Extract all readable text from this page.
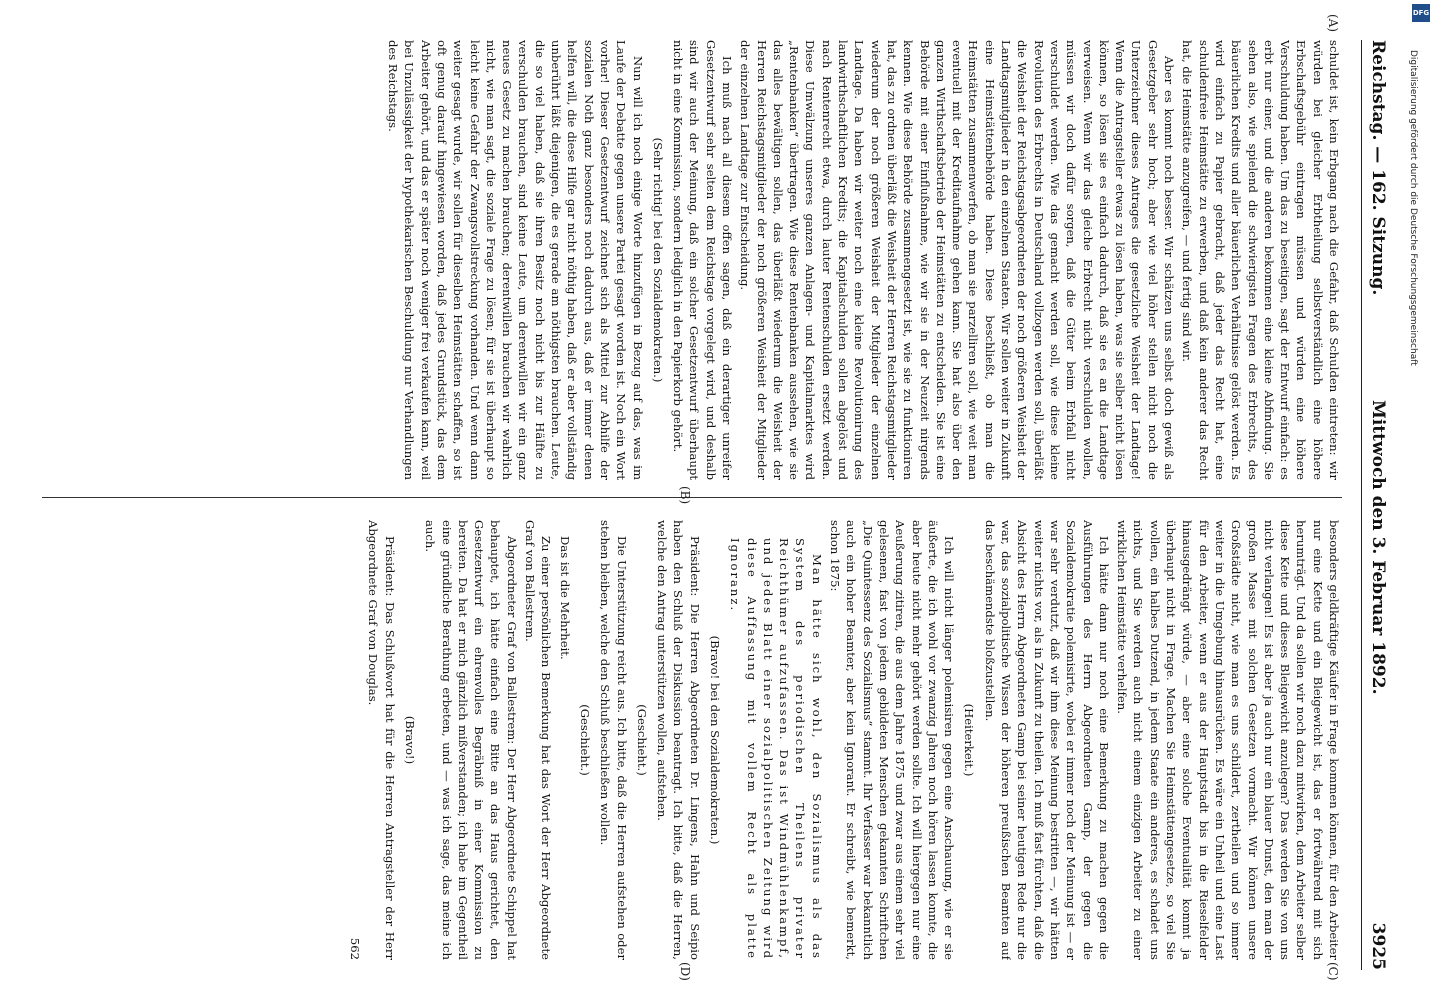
Reichstag. — 162. Sitzung.
Mittwoch den 3. Februar 1892.
3925
(A)
(B)
(C)
(D)

schuldet ist, kein Erbgang nach die Gefahr, daß Schulden eintreten: wir würden bei gleicher Erbtheilung selbstverständlich eine höhere Erbschaftsgebühr eintragen müssen und würden eine höhere Verschuldung haben. Um das zu beseitigen, sagt der Entwurf einfach: es erbt nur einer, und die anderen bekommen eine kleine Abfindung. Sie sehen also, wie spielend die schwierigsten Fragen des Erbrechts, des bäuerlichen Kredits und aller bäuerlichen Verhältnisse gelöst werden. Es wird einfach zu Papier gebracht, daß jeder das Recht hat, eine schuldenfreie Heimstätte zu erwerben, und daß kein anderer das Recht hat, die Heimstätte anzugreifen, — und fertig sind wir.

Aber es kommt noch besser. Wir schätzen uns selbst doch gewiß als Gesetzgeber sehr hoch; aber wie viel höher stellen nicht noch die Unterzeichner dieses Antrages die gesetzliche Weisheit der Landtage! Wenn die Antragsteller etwas zu lösen haben, was sie selber nicht lösen können, so lösen sie es einfach dadurch, daß sie es an die Landtage verweisen. Wenn wir das gleiche Erbrecht nicht verschulden wollen, müssen wir doch dafür sorgen, daß die Güter beim Erbfall nicht verschuldet werden. Wie das gemacht werden soll, wie diese kleine Revolution des Erbrechts in Deutschland vollzogen werden soll, überläßt die Weisheit der Reichstagsabgeordneten der noch größeren Weisheit der Landtagsmitglieder in den einzelnen Staaten. Wir sollen weiter in Zukunft eine Heimstättenbehörde haben. Diese beschließt, ob man die Heimstätten zusammenwerfen, ob man sie parzelliren soll, wie weit man eventuell mit der Kreditaufnahme gehen kann. Sie hat also über den ganzen Wirthschaftsbetrieb der Heimstätten zu entscheiden. Sie ist eine Behörde mit einer Einflußnahme, wie wir sie in der Neuzeit nirgends kennen. Wie diese Behörde zusammengesetzt ist, wie sie zu funktioniren hat, das zu ordnen überläßt die Weisheit der Herren Reichstagsmitglieder wiederum der noch größeren Weisheit der Mitglieder der einzelnen Landtage. Da haben wir weiter noch eine kleine Revolutionirung des landwirthschaftlichen Kredits; die Kapitalschulden sollen abgelöst und nach Rentenrecht etwa, durch lauter Rentenschulden ersetzt werden. Diese Umwälzung unseres ganzen Anlagen- und Kapitalmarktes wird „Rentenbanken“ übertragen. Wie diese Rentenbanken aussehen, wie sie das alles bewältigen sollen, das überläßt wiederum die Weisheit der Herren Reichstagsmitglieder der noch größeren Weisheit der Mitglieder der einzelnen Landtage zur Entscheidung.

Ich muß nach all diesem offen sagen, daß ein derartiger unreifer Gesetzentwurf sehr selten dem Reichstage vorgelegt wird, und deshalb sind wir auch der Meinung, daß ein solcher Gesetzentwurf überhaupt nicht in eine Kommission, sondern lediglich in den Papierkorb gehört.

(Sehr richtig! bei den Sozialdemokraten.)

Nun will ich noch einige Worte hinzufügen in Bezug auf das, was im Laufe der Debatte gegen unsere Partei gesagt worden ist. Noch ein Wort vorher! Dieser Gesetzentwurf zeichnet sich als Mittel zur Abhilfe der sozialen Noth ganz besonders noch dadurch aus, daß er immer denen helfen will, die diese Hilfe gar nicht nöthig haben, daß er aber vollständig unberührt läßt diejenigen, die es gerade am nöthigsten brauchen. Leute, die so viel haben, daß sie ihren Besitz noch nicht bis zur Hälfte zu verschulden brauchen, sind keine Leute, um derentwillen wir ein ganz neues Gesetz zu machen brauchen; derentwillen brauchen wir wahrlich nicht, wie man sagt, die soziale Frage zu lösen; für sie ist überhaupt so leicht keine Gefahr der Zwangsvollstreckung vorhanden. Und wenn dann weiter gesagt wurde, wir sollen für dieselben Heimstätten schaffen, so ist oft genug darauf hingewiesen worden, daß jedes Grundstück, das dem Arbeiter gehört, und das er später noch weniger frei verkaufen kann, weil bei Unzulässigkeit der hypothekarischen Beschuldung nur Verhandlungen des Reichstags.

besonders geldkräftige Käufer in Frage kommen können, für den Arbeiter nur eine Kette und ein Bleigewicht ist, das er fortwährend mit sich herumträgt. Und da sollen wir noch dazu mitwirken, dem Arbeiter selber diese Kette und dieses Bleigewicht anzulegen? Das werden Sie von uns nicht verlangen! Es ist aber ja auch nur ein blauer Dunst, den man der großen Masse mit solchen Gesetzen vormacht. Wir können unsere Großstädte nicht, wie man es uns schildert, zertheilen und so immer weiter in die Umgebung hinausrücken. Es wäre ein Unheil und eine Last für den Arbeiter, wenn er aus der Hauptstadt bis in die Rieselfelder hinausgedrängt würde, — aber eine solche Eventualität kommt ja überhaupt nicht in Frage. Machen Sie Heimstättengesetze, so viel Sie wollen, ein halbes Dutzend, in jedem Staate ein anderes, es schadet uns nichts, und Sie werden auch nicht einem einzigen Arbeiter zu einer wirklichen Heimstätte verhelfen.

Ich hätte dann nur noch eine Bemerkung zu machen gegen die Ausführungen des Herrn Abgeordneten Gamp, der gegen die Sozialdemokratie polemisirte, wobei er immer noch der Meinung ist — er war sehr verdutzt, daß wir ihm diese Meinung bestritten —, wir hätten weiter nichts vor, als in Zukunft zu theilen. Ich muß fast fürchten, daß die Absicht des Herrn Abgeordneten Gamp bei seiner heutigen Rede nur die war, das sozialpolitische Wissen der höheren preußischen Beamten auf das beschämendste bloßzustellen.

(Heiterkeit.)

Ich will nicht länger polemisiren gegen eine Anschauung, wie er sie äußerte, die ich wohl vor zwanzig Jahren noch hören lassen konnte, die aber heute nicht mehr gehört werden sollte. Ich will hiergegen nur eine Aeußerung zitiren, die aus dem Jahre 1875 und zwar aus einem sehr viel gelesenen, fast von jedem gebildeten Menschen gekannten Schriftchen „Die Quintessenz des Sozialismus“ stammt. Ihr Verfasser war bekanntlich auch ein hoher Beamter, aber kein Ignorant. Er schreibt, wie bemerkt, schon 1875:

Man hätte sich wohl, den Sozialismus als das System des periodischen Theilens privater Reichthümer aufzufassen. Das ist Windmühlenkampf, und jedes Blatt einer sozialpolitischen Zeitung wird diese Auffassung mit vollem Recht als platte Ignoranz.

(Bravo! bei den Sozialdemokraten.)

Präsident: Die Herren Abgeordneten Dr. Lingens, Hahn und Seipio haben den Schluß der Diskussion beantragt. Ich bitte, daß die Herren, welche den Antrag unterstützen wollen, aufstehen.

(Geschieht.)

Die Unterstützung reicht aus. Ich bitte, daß die Herren aufstehen oder stehen bleiben, welche den Schluß beschließen wollen.

(Geschieht.)

Das ist die Mehrheit.

Zu einer persönlichen Bemerkung hat das Wort der Herr Abgeordnete Graf von Ballestrem.

Abgeordneter Graf von Ballestrem: Der Herr Abgeordnete Schippel hat behauptet, ich hätte einfach eine Bitte an das Haus gerichtet, den Gesetzentwurf ein ehrenvolles Begräbniß in einer Kommission zu bereiten. Da hat er mich gänzlich mißverstanden; ich habe im Gegentheil eine gründliche Berathung erbeten, und — was ich sage, das meine ich auch.

(Bravo!)

Präsident: Das Schlußwort hat für die Herren Antragsteller der Herr Abgeordnete Graf von Douglas.

562

Digitalisierung gefördert durch die Deutsche Forschungsgemeinschaft
DFG
